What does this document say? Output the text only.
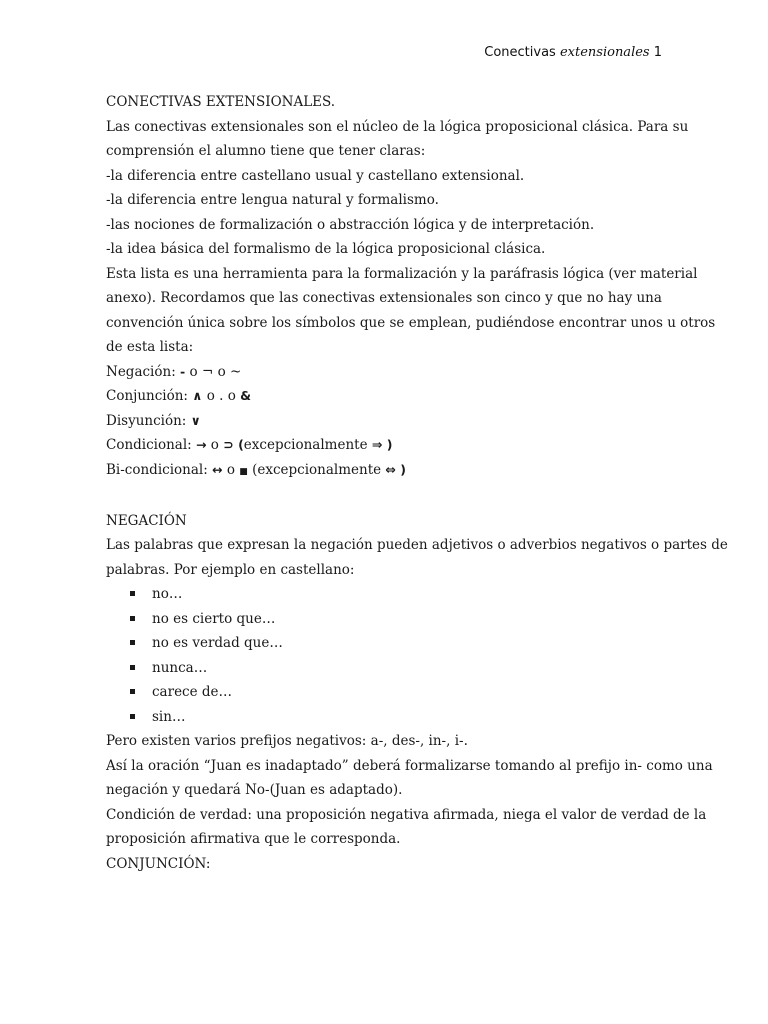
Conectivas extensionales 1
CONECTIVAS EXTENSIONALES.
Las conectivas extensionales son el núcleo de la lógica proposicional clásica. Para su
comprensión el alumno tiene que tener claras:
-la diferencia entre castellano usual y castellano extensional.
-la diferencia entre lengua natural y formalismo.
-las nociones de formalización o abstracción lógica y de interpretación.
-la idea básica del formalismo de la lógica proposicional clásica.
Esta lista es una herramienta para la formalización y la paráfrasis lógica (ver material
anexo). Recordamos que las conectivas extensionales son cinco y que no hay una
convención única sobre los símbolos que se emplean, pudiéndose encontrar unos u otros
de esta lista:
Negación: - o ¬ o ~
Conjunción: ∧ o . o &
Disyunción: ∨
Condicional: → o ⊃ (excepcionalmente ⇒ )
Bi-condicional: ↔ o ■ (excepcionalmente ⇔ )
NEGACIÓN
Las palabras que expresan la negación pueden adjetivos o adverbios negativos o partes de
palabras. Por ejemplo en castellano:
no…
no es cierto que…
no es verdad que…
nunca…
carece de…
sin…
Pero existen varios prefijos negativos: a-, des-, in-, i-.
Así la oración “Juan es inadaptado” deberá formalizarse tomando al prefijo in- como una
negación y quedará No-(Juan es adaptado).
Condición de verdad: una proposición negativa afirmada, niega el valor de verdad de la
proposición afirmativa que le corresponda.
CONJUNCIÓN:
